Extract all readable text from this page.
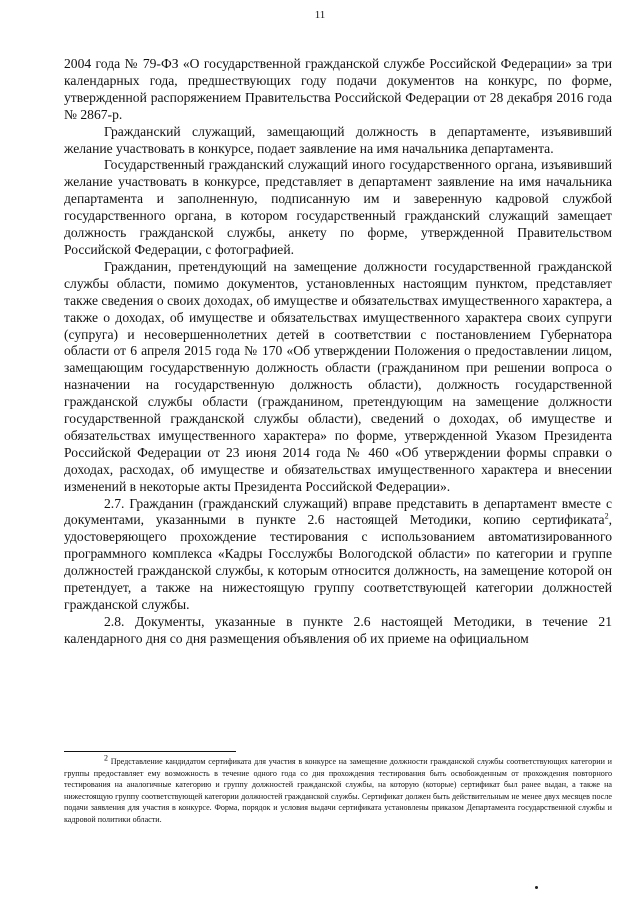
11

2004 года № 79-ФЗ «О государственной гражданской службе Российской Федерации» за три календарных года, предшествующих году подачи документов на конкурс, по форме, утвержденной распоряжением Правительства Российской Федерации от 28 декабря 2016 года № 2867-р.

Гражданский служащий, замещающий должность в департаменте, изъявивший желание участвовать в конкурсе, подает заявление на имя начальника департамента.

Государственный гражданский служащий иного государственного органа, изъявивший желание участвовать в конкурсе, представляет в департамент заявление на имя начальника департамента и заполненную, подписанную им и заверенную кадровой службой государственного органа, в котором государственный гражданский служащий замещает должность гражданской службы, анкету по форме, утвержденной Правительством Российской Федерации, с фотографией.

Гражданин, претендующий на замещение должности государственной гражданской службы области, помимо документов, установленных настоящим пунктом, представляет также сведения о своих доходах, об имуществе и обязательствах имущественного характера, а также о доходах, об имуществе и обязательствах имущественного характера своих супруги (супруга) и несовершеннолетних детей в соответствии с постановлением Губернатора области от 6 апреля 2015 года № 170 «Об утверждении Положения о предоставлении лицом, замещающим государственную должность области (гражданином при решении вопроса о назначении на государственную должность области), должность государственной гражданской службы области (гражданином, претендующим на замещение должности государственной гражданской службы области), сведений о доходах, об имуществе и обязательствах имущественного характера» по форме, утвержденной Указом Президента Российской Федерации от 23 июня 2014 года № 460 «Об утверждении формы справки о доходах, расходах, об имуществе и обязательствах имущественного характера и внесении изменений в некоторые акты Президента Российской Федерации».

2.7. Гражданин (гражданский служащий) вправе представить в департамент вместе с документами, указанными в пункте 2.6 настоящей Методики, копию сертификата$^2$, удостоверяющего прохождение тестирования с использованием автоматизированного программного комплекса «Кадры Госслужбы Вологодской области» по категории и группе должностей гражданской службы, к которым относится должность, на замещение которой он претендует, а также на нижестоящую группу соответствующей категории должностей гражданской службы.

2.8. Документы, указанные в пункте 2.6 настоящей Методики, в течение 21 календарного дня со дня размещения объявления об их приеме на официальном

$^2$ Представление кандидатом сертификата для участия в конкурсе на замещение должности гражданской службы соответствующих категории и группы предоставляет ему возможность в течение одного года со дня прохождения тестирования быть освобожденным от прохождения повторного тестирования на аналогичные категорию и группу должностей гражданской службы, на которую (которые) сертификат был ранее выдан, а также на нижестоящую группу соответствующей категории должностей гражданской службы. Сертификат должен быть действительным не менее двух месяцев после подачи заявления для участия в конкурсе. Форма, порядок и условия выдачи сертификата установлены приказом Департамента государственной службы и кадровой политики области.
